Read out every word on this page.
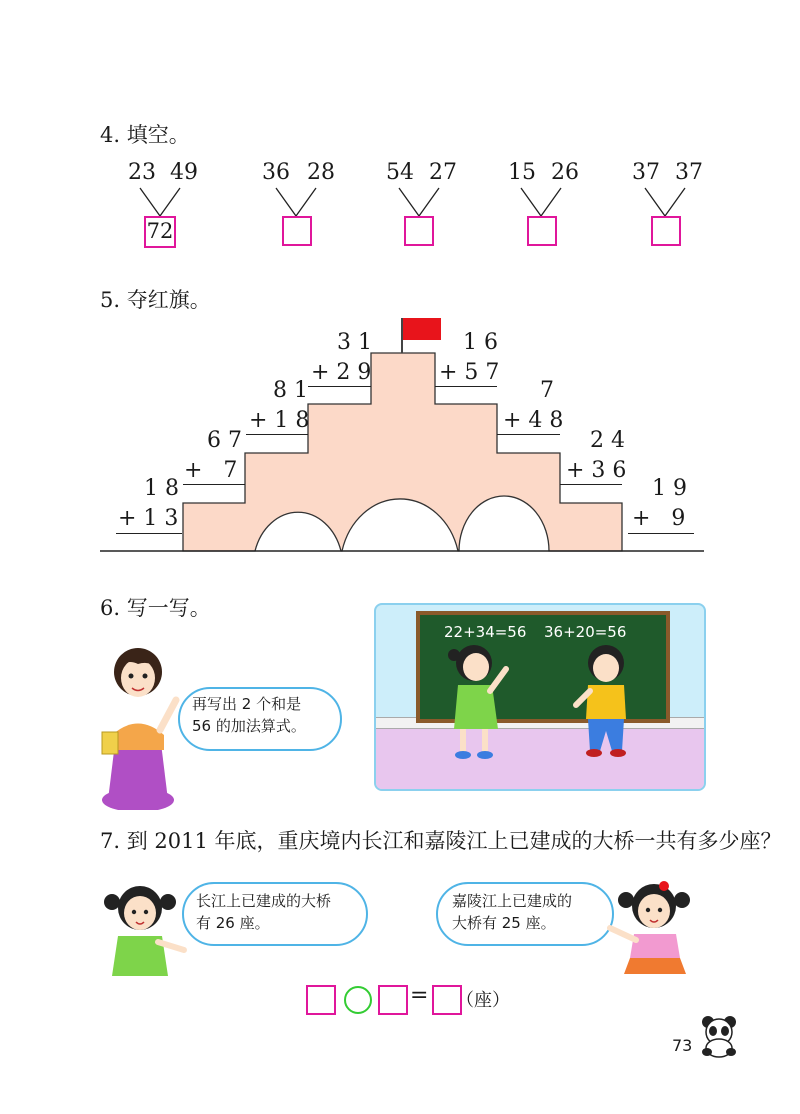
4. 填空。
23 49
72
36 28 54 27 15 26 37 37
5. 夺红旗。
1 8
+ 1 3
6 7
+   7
8 1
+ 1 8
3 1
+ 2 9
1 6
+ 5 7
7
+ 4 8
2 4
+ 3 6
1 9
+   9
6. 写一写。
再写出 2 个和是
56 的加法算式。
22+34=56 36+20=56
7. 到 2011 年底，重庆境内长江和嘉陵江上已建成的大桥一共有多少座？
长江上已建成的大桥
有 26 座。
嘉陵江上已建成的
大桥有 25 座。
= （座）
73
